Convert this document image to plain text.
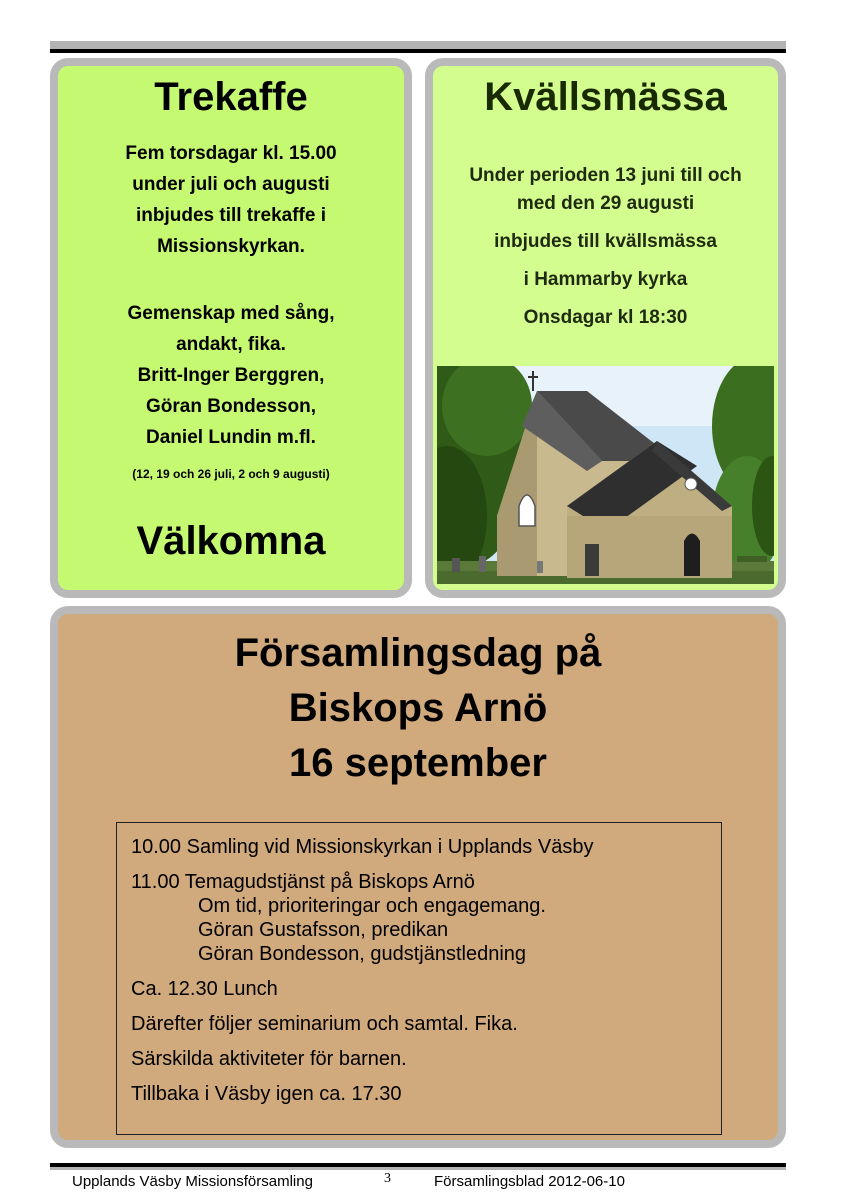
Trekaffe
Fem torsdagar kl. 15.00
under juli och augusti
inbjudes till trekaffe i
Missionskyrkan.
Gemenskap med sång,
andakt, fika.
Britt-Inger Berggren,
Göran Bondesson,
Daniel Lundin m.fl.
(12, 19 och 26 juli, 2 och 9 augusti)
Välkomna
Kvällsmässa
Under perioden 13 juni till och
med den 29 augusti
inbjudes till kvällsmässa
i Hammarby kyrka
Onsdagar kl 18:30
Församlingsdag på
Biskops Arnö
16 september

10.00 Samling vid Missionskyrkan i Upplands Väsby

11.00 Temagudstjänst på Biskops Arnö
Om tid, prioriteringar och engagemang.
Göran Gustafsson, predikan

Göran Bondesson, gudstjänstledning

Ca. 12.30 Lunch

Därefter följer seminarium och samtal. Fika.

Särskilda aktiviteter för barnen.

Tillbaka i Väsby igen ca. 17.30

Upplands Väsby Missionsförsamling	3	Församlingsblad 2012-06-10
